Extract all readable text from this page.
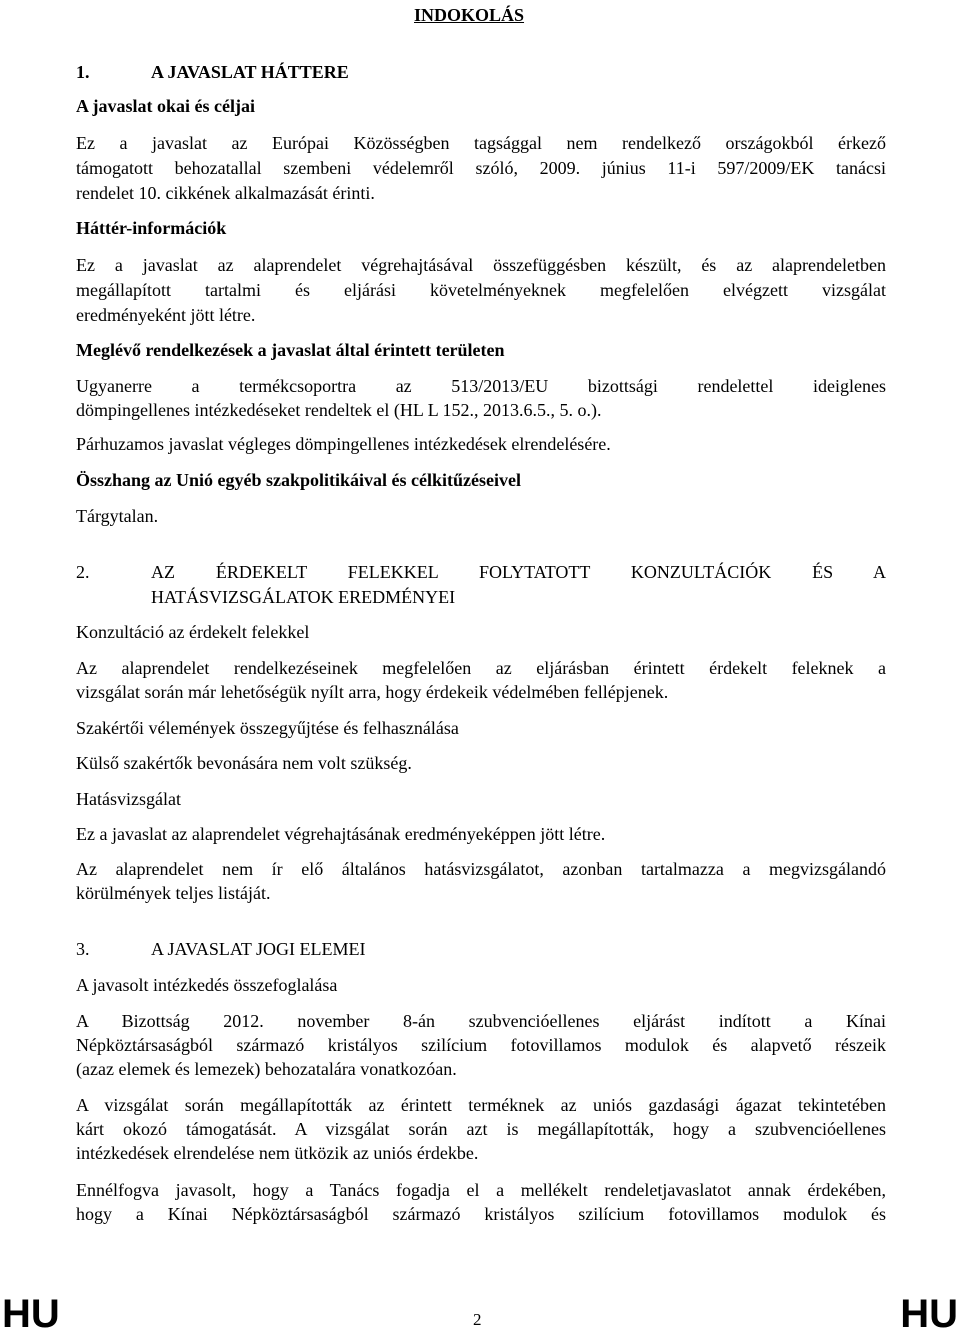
INDOKOLÁS
1.	A JAVASLAT HÁTTERE
A javaslat okai és céljai
Ez a javaslat az Európai Közösségben tagsággal nem rendelkező országokból érkező
támogatott behozatallal szembeni védelemről szóló, 2009. június 11-i 597/2009/EK tanácsi
rendelet 10. cikkének alkalmazását érinti.
Háttér-információk
Ez a javaslat az alaprendelet végrehajtásával összefüggésben készült, és az alaprendeletben
megállapított tartalmi és eljárási követelményeknek megfelelően elvégzett vizsgálat
eredményeként jött létre.
Meglévő rendelkezések a javaslat által érintett területen
Ugyanerre a termékcsoportra az 513/2013/EU bizottsági rendelettel ideiglenes
dömpingellenes intézkedéseket rendeltek el (HL L 152., 2013.6.5., 5. o.).
Párhuzamos javaslat végleges dömpingellenes intézkedések elrendelésére.
Összhang az Unió egyéb szakpolitikáival és célkitűzéseivel
Tárgytalan.
2.	AZ ÉRDEKELT FELEKKEL FOLYTATOTT KONZULTÁCIÓK ÉS A
HATÁSVIZSGÁLATOK EREDMÉNYEI
Konzultáció az érdekelt felekkel
Az alaprendelet rendelkezéseinek megfelelően az eljárásban érintett érdekelt feleknek a
vizsgálat során már lehetőségük nyílt arra, hogy érdekeik védelmében fellépjenek.
Szakértői vélemények összegyűjtése és felhasználása
Külső szakértők bevonására nem volt szükség.
Hatásvizsgálat
Ez a javaslat az alaprendelet végrehajtásának eredményeképpen jött létre.
Az alaprendelet nem ír elő általános hatásvizsgálatot, azonban tartalmazza a megvizsgálandó
körülmények teljes listáját.
3.	A JAVASLAT JOGI ELEMEI
A javasolt intézkedés összefoglalása
A Bizottság 2012. november 8-án szubvencióellenes eljárást indított a Kínai
Népköztársaságból származó kristályos szilícium fotovillamos modulok és alapvető részeik
(azaz elemek és lemezek) behozatalára vonatkozóan.
A vizsgálat során megállapították az érintett terméknek az uniós gazdasági ágazat tekintetében
kárt okozó támogatását. A vizsgálat során azt is megállapították, hogy a szubvencióellenes
intézkedések elrendelése nem ütközik az uniós érdekbe.
Ennélfogva javasolt, hogy a Tanács fogadja el a mellékelt rendeletjavaslatot annak érdekében,
hogy a Kínai Népköztársaságból származó kristályos szilícium fotovillamos modulok és
HU	2	HU
